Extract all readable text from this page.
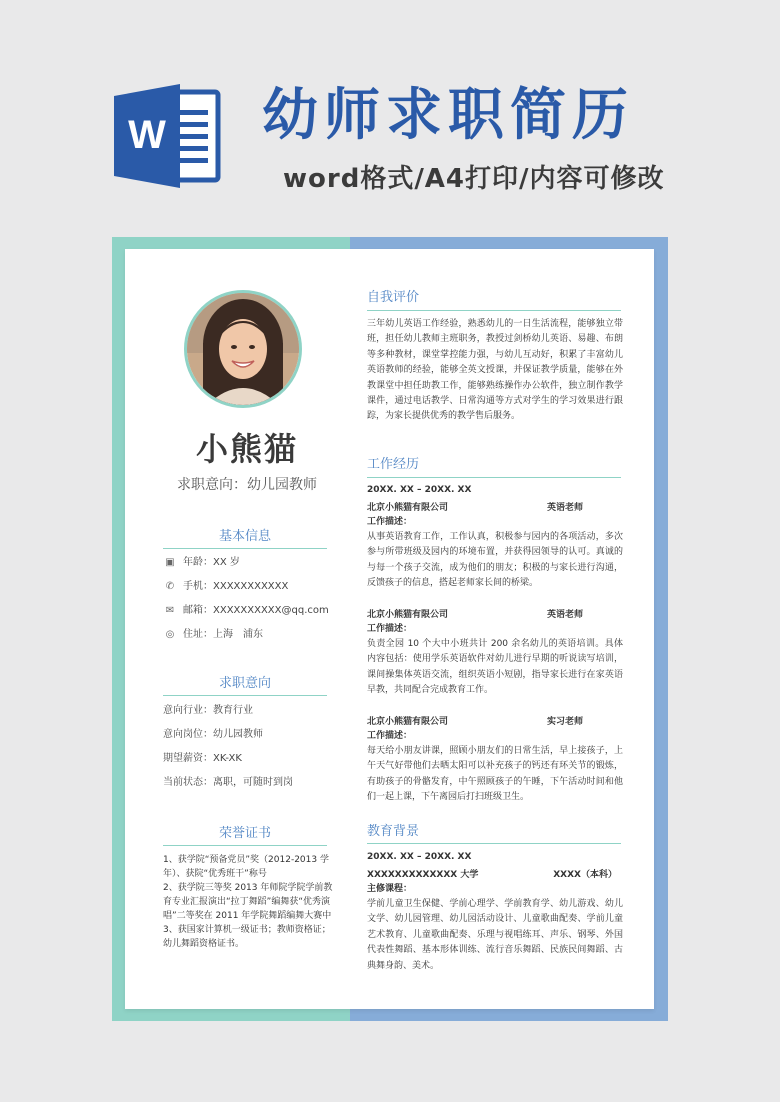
W 幼师求职简历
word格式/A4打印/内容可修改
小熊猫
求职意向：幼儿园教师
基本信息
▣ 年龄：XX 岁
✆ 手机：XXXXXXXXXXX
✉ 邮箱：XXXXXXXXXX@qq.com
◎ 住址：上海　浦东
求职意向
意向行业：教育行业
意向岗位：幼儿园教师
期望薪资：XK-XK
当前状态：离职，可随时到岗
荣誉证书
1、获学院“预备党员”奖（2012-2013 学年）、获院“优秀班干”称号
2、获学院三等奖 2013 年师院学院学前教育专业汇报演出“拉丁舞蹈”编舞获“优秀演唱”二等奖在 2011 年学院舞蹈编舞大赛中
3、获国家计算机一级证书；教师资格证；幼儿舞蹈资格证书。
自我评价
三年幼儿英语工作经验，熟悉幼儿的一日生活流程，能够独立带班，担任幼儿教师主班职务，教授过剑桥幼儿英语、易趣、布朗等多种教材，课堂掌控能力强，与幼儿互动好，积累了丰富幼儿英语教师的经验，能够全英文授课，并保证教学质量，能够在外教课堂中担任助教工作，能够熟练操作办公软件，独立制作教学课件，通过电话教学、日常沟通等方式对学生的学习效果进行跟踪，为家长提供优秀的教学售后服务。
工作经历
20XX. XX – 20XX. XX
北京小熊猫有限公司	英语老师
工作描述：
从事英语教育工作，工作认真，积极参与园内的各项活动，多次参与所带班级及园内的环境布置，并获得园领导的认可。真诚的与每一个孩子交流，成为他们的朋友；积极的与家长进行沟通，反馈孩子的信息，搭起老师家长间的桥梁。
北京小熊猫有限公司	英语老师
工作描述：
负责全园 10 个大中小班共计 200 余名幼儿的英语培训。具体内容包括：使用学乐英语软件对幼儿进行早期的听说读写培训，课间操集体英语交流，组织英语小短剧，指导家长进行在家英语早教，共同配合完成教育工作。
北京小熊猫有限公司	实习老师
工作描述：
每天给小朋友讲课，照顾小朋友们的日常生活，早上接孩子，上午天气好带他们去晒太阳可以补充孩子的钙还有环关节的锻炼，有助孩子的骨骼发育，中午照顾孩子的午睡，下午活动时间和他们一起上课，下午离园后打扫班级卫生。
教育背景
20XX. XX – 20XX. XX
XXXXXXXXXXXXX 大学	XXXX（本科）
主修课程：
学前儿童卫生保健、学前心理学、学前教育学、幼儿游戏、幼儿文学、幼儿园管理、幼儿园活动设计、儿童歌曲配奏、学前儿童艺术教育、儿童歌曲配奏、乐理与视唱练耳、声乐、钢琴、外国代表性舞蹈、基本形体训练、流行音乐舞蹈、民族民间舞蹈、古典舞身韵、美术。
